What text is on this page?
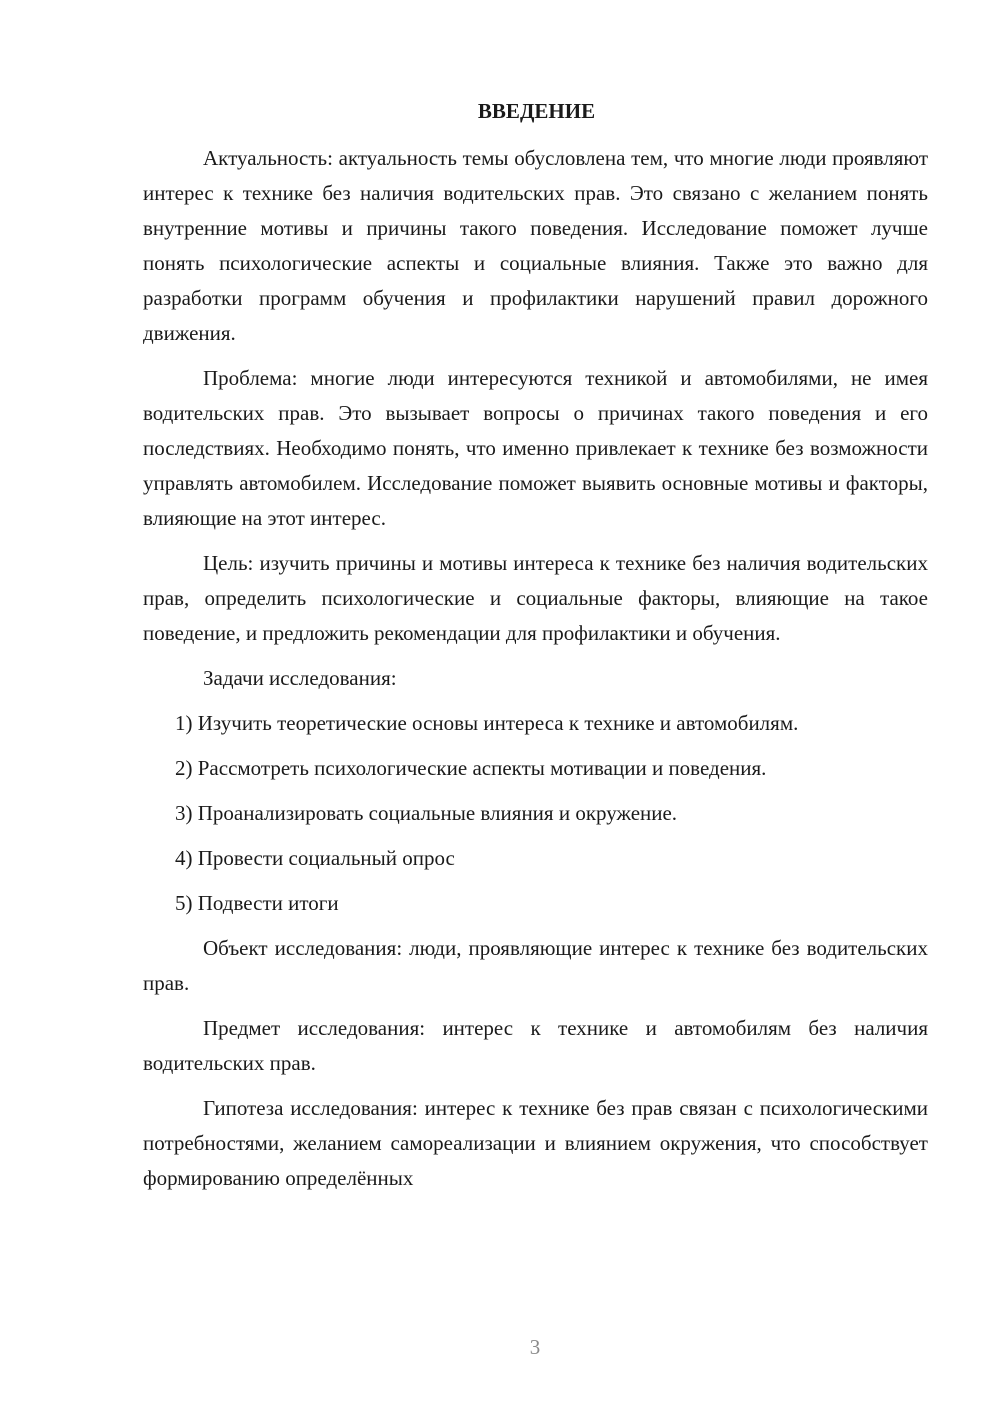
ВВЕДЕНИЕ

Актуальность: актуальность темы обусловлена тем, что многие люди проявляют интерес к технике без наличия водительских прав. Это связано с желанием понять внутренние мотивы и причины такого поведения. Исследование поможет лучше понять психологические аспекты и социальные влияния. Также это важно для разработки программ обучения и профилактики нарушений правил дорожного движения.

Проблема: многие люди интересуются техникой и автомобилями, не имея водительских прав. Это вызывает вопросы о причинах такого поведения и его последствиях. Необходимо понять, что именно привлекает к технике без возможности управлять автомобилем. Исследование поможет выявить основные мотивы и факторы, влияющие на этот интерес.

Цель: изучить причины и мотивы интереса к технике без наличия водительских прав, определить психологические и социальные факторы, влияющие на такое поведение, и предложить рекомендации для профилактики и обучения.

Задачи исследования:
1) Изучить теоретические основы интереса к технике и автомобилям.
2) Рассмотреть психологические аспекты мотивации и поведения.
3) Проанализировать социальные влияния и окружение.
4) Провести социальный опрос
5) Подвести итоги

Объект исследования: люди, проявляющие интерес к технике без водительских прав.

Предмет исследования: интерес к технике и автомобилям без наличия водительских прав.

Гипотеза исследования: интерес к технике без прав связан с психологическими потребностями, желанием самореализации и влиянием окружения, что способствует формированию определённых

3
